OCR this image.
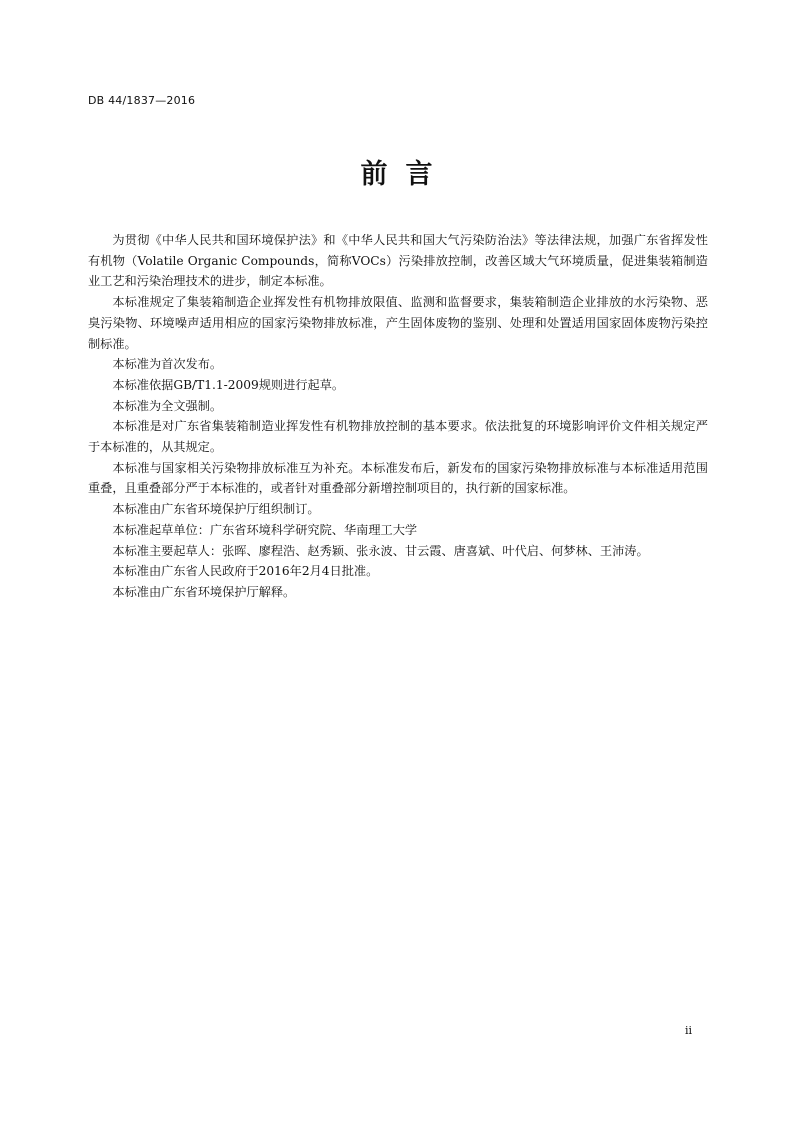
DB 44/1837—2016
前言

为贯彻《中华人民共和国环境保护法》和《中华人民共和国大气污染防治法》等法律法规，加强广东省挥发性有机物（Volatile Organic Compounds，简称VOCs）污染排放控制，改善区域大气环境质量，促进集装箱制造业工艺和污染治理技术的进步，制定本标准。

本标准规定了集装箱制造企业挥发性有机物排放限值、监测和监督要求，集装箱制造企业排放的水污染物、恶臭污染物、环境噪声适用相应的国家污染物排放标准，产生固体废物的鉴别、处理和处置适用国家固体废物污染控制标准。

本标准为首次发布。

本标准依据GB/T1.1-2009规则进行起草。

本标准为全文强制。

本标准是对广东省集装箱制造业挥发性有机物排放控制的基本要求。依法批复的环境影响评价文件相关规定严于本标准的，从其规定。

本标准与国家相关污染物排放标准互为补充。本标准发布后，新发布的国家污染物排放标准与本标准适用范围重叠，且重叠部分严于本标准的，或者针对重叠部分新增控制项目的，执行新的国家标准。

本标准由广东省环境保护厅组织制订。

本标准起草单位：广东省环境科学研究院、华南理工大学

本标准主要起草人：张晖、廖程浩、赵秀颖、张永波、甘云霞、唐喜斌、叶代启、何梦林、王沛涛。

本标准由广东省人民政府于2016年2月4日批准。

本标准由广东省环境保护厅解释。

ii
